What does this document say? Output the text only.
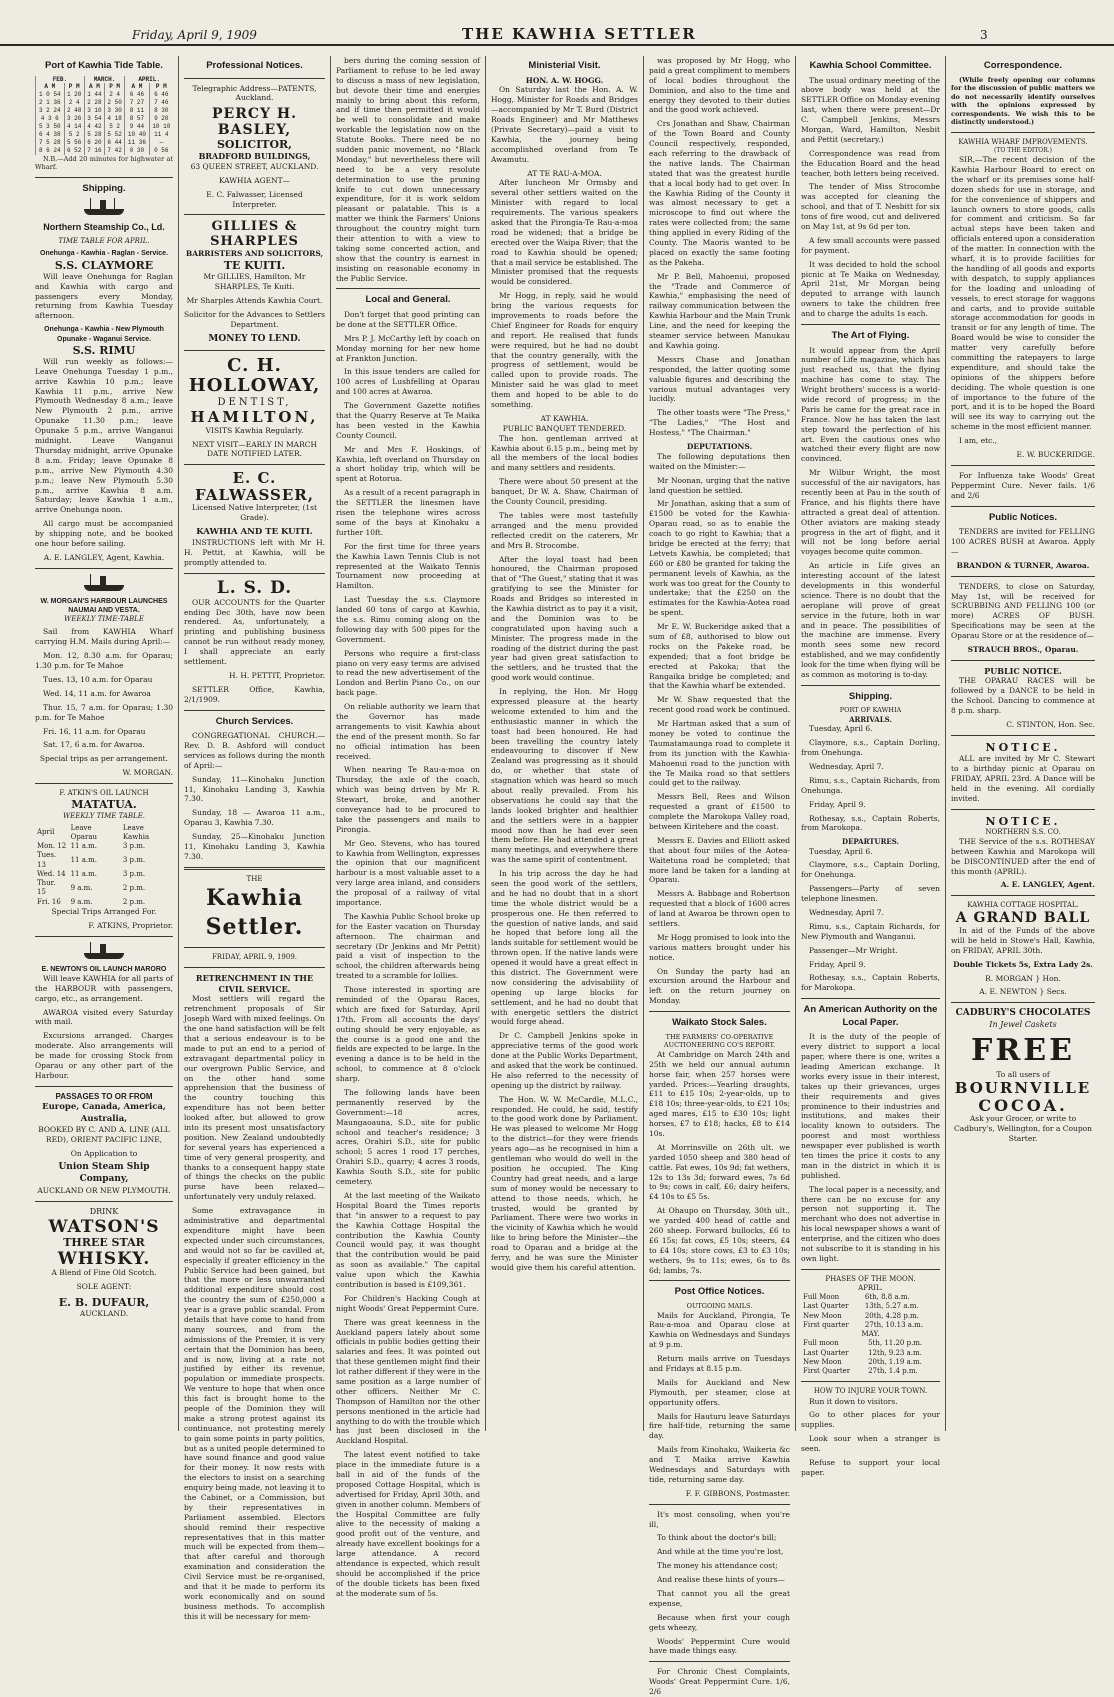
Friday, April 9, 1909	THE KAWHIA SETTLER	3
Port of Kawhia Tide Table.
FEB.		MARCH.		APRIL.	
A M	P M	A M	P M	A M	P M
1 0 54	1 20	1 44	2 4	6 46	6 46
2 1 36	2 4	2 28	2 50	7 27	7 46
3 2 24	2 48	3 10	3 30	8 11	8 30
4 3 6	3 26	3 54	4 18	8 57	9 20
5 3 50	4 14	4 42	5 2	9 44	10 10
6 4 38	5 2	5 28	5 52	10 40	11 4
7 5 28	5 56	6 20	6 44	11 36	—
8 6 24	6 52	7 16	7 42	0 30	0 56

N.B.—Add 20 minutes for highwater at Wharf.

Shipping.
Northern Steamship Co., Ld.
TIME TABLE FOR APRIL.
Onehunga - Kawhia - Raglan - Service.
S.S. CLAYMORE

Will leave Onehunga for Raglan and Kawhia with cargo and passengers every Monday, returning from Kawhia Tuesday afternoon.

Onehunga - Kawhia - New Plymouth Opunake - Waganui Service.
S.S. RIMU

Will run weekly as follows:—Leave Onehunga Tuesday 1 p.m., arrive Kawhia 10 p.m.; leave Kawhia 11 p.m., arrive New Plymouth Wednesday 8 a.m.; leave New Plymouth 2 p.m., arrive Opunake 11.30 p.m.; leave Opunake 5 p.m., arrive Wanganui midnight. Leave Wanganui Thursday midnight, arrive Opunake 8 a.m. Friday; leave Opunake 8 p.m., arrive New Plymouth 4.30 p.m.; leave New Plymouth 5.30 p.m., arrive Kawhia 8 a.m. Saturday; leave Kawhia 1 a.m., arrive Onehunga noon.

All cargo must be accompanied by shipping note, and be booked one hour before sailing.

A. E. LANGLEY, Agent, Kawhia.

W. MORGAN'S HARBOUR LAUNCHES NAUMAI AND VESTA.
WEEKLY TIME-TABLE

Sail from KAWHIA Wharf carrying H.M. Mails during April:—

Mon. 12, 8.30 a.m. for Oparau; 1.30 p.m. for Te Mahoe

Tues. 13, 10 a.m. for Oparau

Wed. 14, 11 a.m. for Awaroa

Thur. 15, 7 a.m. for Oparau; 1.30 p.m. for Te Mahoe

Fri. 16, 11 a.m. for Oparau

Sat. 17, 6 a.m. for Awaroa.

Special trips as per arrangement.

W. MORGAN.

F. ATKIN'S OIL LAUNCH
MATATUA.
WEEKLY TIME TABLE.
April	Leave Oparau	Leave Kawhia
Mon. 12	11 a.m.	3 p.m.
Tues. 13	11 a.m.	3 p.m.
Wed. 14	11 a.m.	3 p.m.
Thur. 15	9 a.m.	2 p.m.
Fri. 16	9 a.m.	2 p.m.

Special Trips Arranged For.

F. ATKINS, Proprietor.

E. NEWTON'S OIL LAUNCH MARORO

Will leave KAWHIA for all parts of the HARBOUR with passengers, cargo, etc., as arrangement.

AWAROA visited every Saturday with mail.

Excursions arranged. Charges moderate. Also arrangements will be made for crossing Stock from Oparau or any other part of the Harbour.

PASSAGES TO OR FROM
Europe, Canada, America, Australia,

BOOKED BY C. AND A. LINE (ALL RED), ORIENT PACIFIC LINE,

On Application to

Union Steam Ship Company,

AUCKLAND OR NEW PLYMOUTH.

DRINK
WATSON'S
THREE STAR
WHISKY.

A Blend of Fine Old Scotch.

SOLE AGENT:

E. B. DUFAUR,

AUCKLAND.

Professional Notices.

Telegraphic Address—PATENTS, Auckland.

PERCY H. BASLEY,
SOLICITOR,
BRADFORD BUILDINGS,

63 QUEEN STREET, AUCKLAND.

KAWHIA AGENT—

E. C. Falwasser, Licensed Interpreter.

GILLIES & SHARPLES
BARRISTERS AND SOLICITORS,
TE KUITI.

Mr GILLIES, Hamilton. Mr SHARPLES, Te Kuiti.

Mr Sharples Attends Kawhia Court.

Solicitor for the Advances to Settlers Department.

MONEY TO LEND.
C. H. HOLLOWAY,
DENTIST,
HAMILTON,

VISITS Kawhia Regularly.

NEXT VISIT—EARLY IN MARCH DATE NOTIFIED LATER.

E. C. FALWASSER,

Licensed Native Interpreter, (1st Grade).

KAWHIA AND TE KUITI.

INSTRUCTIONS left with Mr H. H. Pettit, at Kawhia, will be promptly attended to.

L. S. D.

OUR ACCOUNTS for the Quarter ending Dec 30th, have now been rendered. As, unfortunately, a printing and publishing business cannot be run without ready money, I shall appreciate an early settlement.

H. H. PETTIT, Proprietor.

SETTLER Office, Kawhia, 2/1/1909.

Church Services.

CONGREGATIONAL CHURCH.—Rev. D. B. Ashford will conduct services as follows during the month of April:—

Sunday, 11—Kinohaku Junction 11, Kinohaku Landing 3, Kawhia 7.30.

Sunday, 18 — Awaroa 11 a.m., Oparau 3, Kawhia 7.30.

Sunday, 25—Kinohaku Junction 11, Kinohaku Landing 3, Kawhia 7.30.

THE
Kawhia Settler.
FRIDAY, APRIL 9, 1909.
RETRENCHMENT IN THE CIVIL SERVICE.

Most settlers will regard the retrenchment proposals of Sir Joseph Ward with mixed feelings. On the one hand satisfaction will be felt that a serious endeavour is to be made to put an end to a period of extravagant departmental policy in our overgrown Public Service, and on the other hand some apprehension that the business of the country touching this expenditure has not been better looked after, but allowed to grow into its present most unsatisfactory position. New Zealand undoubtedly for several years has experienced a time of very general prosperity, and thanks to a consequent happy state of things the checks on the public purse have been relaxed—unfortunately very unduly relaxed.

Some extravagance in administrative and departmental expenditure might have been expected under such circumstances, and would not so far be cavilled at, especially if greater efficiency in the Public Service had been gained, but that the more or less unwarranted additional expenditure should cost the country the sum of £250,000 a year is a grave public scandal. From details that have come to hand from many sources, and from the admissions of the Premier, it is very certain that the Dominion has been, and is now, living at a rate not justified by either its revenue, population or immediate prospects. We venture to hope that when once this fact is brought home to the people of the Dominion they will make a strong protest against its continuance, not protesting merely to gain some points in party politics, but as a united people determined to have sound finance and good value for their money. It now rests with the electors to insist on a searching enquiry being made, not leaving it to the Cabinet, or a Commission, but by their representatives in Parliament assembled. Electors should remind their respective representatives that in this matter much will be expected from them—that after careful and thorough examination and consideration the Civil Service must be re-organised, and that it be made to perform its work economically and on sound business methods. To accomplish this it will be necessary for mem-

bers during the coming session of Parliament to refuse to be led away to discuss a mass of new legislation, but devote their time and energies mainly to bring about this reform, and if time then permitted it would be well to consolidate and make workable the legislation now on the Statute Books. There need be no sudden panic movement, no "Black Monday," but nevertheless there will need to be a very resolute determination to use the pruning knife to cut down unnecessary expenditure, for it is work seldom pleasant or palatable. This is a matter we think the Farmers' Unions throughout the country might turn their attention to with a view to taking some concerted action, and show that the country is earnest in insisting on reasonable economy in the Public Service.

Local and General.

Don't forget that good printing can be done at the SETTLER Office.

Mrs P. J. McCarthy left by coach on Monday morning for her new home at Frankton Junction.

In this issue tenders are called for 100 acres of Lushfelling at Oparau and 100 acres at Awaroa.

The Government Gazette notifies that the Quarry Reserve at Te Maika has been vested in the Kawhia County Council.

Mr and Mrs F. Hoskings, of Kawhia, left overland on Thursday on a short holiday trip, which will be spent at Rotorua.

As a result of a recent paragraph in the SETTLER the linesmen have risen the telephone wires across some of the bays at Kinohaku a further 10ft.

For the first time for three years the Kawhia Lawn Tennis Club is not represented at the Waikato Tennis Tournament now proceeding at Hamilton.

Last Tuesday the s.s. Claymore landed 60 tons of cargo at Kawhia, the s.s. Rimu coming along on the following day with 500 pipes for the Government.

Persons who require a first-class piano on very easy terms are advised to read the new advertisement of the London and Berlin Piano Co., on our back page.

On reliable authority we learn that the Governor has made arrangements to visit Kawhia about the end of the present month. So far no official intimation has been received.

When nearing Te Rau-a-moa on Thursday, the axle of the coach, which was being driven by Mr R. Stewart, broke, and another conveyance had to be procured to take the passengers and mails to Pirongia.

Mr Geo. Stevens, who has toured to Kawhia from Wellington, expresses the opinion that our magnificent harbour is a most valuable asset to a very large area inland, and considers the proposal of a railway of vital importance.

The Kawhia Public School broke up for the Easter vacation on Thursday afternoon. The chairman and secretary (Dr Jenkins and Mr Pettit) paid a visit of inspection to the school, the children afterwards being treated to a scramble for lollies.

Those interested in sporting are reminded of the Oparau Races, which are fixed for Saturday, April 17th. From all accounts the days' outing should be very enjoyable, as the course is a good one and the fields are expected to be large. In the evening a dance is to be held in the school, to commence at 8 o'clock sharp.

The following lands have been permanently reserved by the Government:—18 acres, Maungaoauna, S.D., site for public school and teacher's residence; 3 acres, Orahiri S.D., site for public school; 5 acres 1 rood 17 perches, Orahiri S.D., quarry; 4 acres 3 roods, Kawhia South S.D., site for public cemetery.

At the last meeting of the Waikato Hospital Board the Times reports that "in answer to a request to pay the Kawhia Cottage Hospital the contribution the Kawhia County Council would pay, it was thought that the contribution would be paid as soon as available." The capital value upon which the Kawhia contribution is based is £109,361.

For Children's Hacking Cough at night Woods' Great Peppermint Cure.

There was great keenness in the Auckland papers lately about some officials in public bodies getting their salaries and fees. It was pointed out that these gentlemen might find their lot rather different if they were in the same position as a large number of other officers. Neither Mr C. Thompson of Hamilton nor the other persons mentioned in the article had anything to do with the trouble which has just been disclosed in the Auckland Hospital.

The latest event notified to take place in the immediate future is a ball in aid of the funds of the proposed Cottage Hospital, which is advertised for Friday, April 30th, and given in another column. Members of the Hospital Committee are fully alive to the necessity of making a good profit out of the venture, and already have excellent bookings for a large attendance. A record attendance is expected, which result should be accomplished if the price of the double tickets has been fixed at the moderate sum of 5s.

Ministerial Visit.
HON. A. W. HOGG.

On Saturday last the Hon. A. W. Hogg, Minister for Roads and Bridges—accompanied by Mr T. Burd (District Roads Engineer) and Mr Matthews (Private Secretary)—paid a visit to Kawhia, the journey being accomplished overland from Te Awamutu.

AT TE RAU-A-MOA.

After luncheon Mr Ormsby and several other settlers waited on the Minister with regard to local requirements. The various speakers asked that the Pirongia-Te Rau-a-moa road be widened; that a bridge be erected over the Waipa River; that the road to Kawhia should be opened; that a mail service be established. The Minister promised that the requests would be considered.

Mr Hogg, in reply, said he would bring the various requests for improvements to roads before the Chief Engineer for Roads for enquiry and report. He realised that funds were required, but he had no doubt that the country generally, with the progress of settlement, would be called upon to provide roads. The Minister said he was glad to meet them and hoped to be able to do something.

AT KAWHIA.
PUBLIC BANQUET TENDERED.

The hon. gentleman arrived at Kawhia about 6.15 p.m., being met by all the members of the local bodies and many settlers and residents.

There were about 50 present at the banquet, Dr W. A. Shaw, Chairman of the County Council, presiding.

The tables were most tastefully arranged and the menu provided reflected credit on the caterers, Mr and Mrs B. Strocombe.

After the loyal toast had been honoured, the Chairman proposed that of "The Guest," stating that it was gratifying to see the Minister for Roads and Bridges so interested in the Kawhia district as to pay it a visit, and the Dominion was to be congratulated upon having such a Minister. The progress made in the roading of the district during the past year had given great satisfaction to the settlers, and he trusted that the good work would continue.

In replying, the Hon. Mr Hogg expressed pleasure at the hearty welcome extended to him and the enthusiastic manner in which the toast had been honoured. He had been travelling the country lately endeavouring to discover if New Zealand was progressing as it should do, or whether that state of stagnation which was heard so much about really prevailed. From his observations he could say that the lands looked brighter and healthier and the settlers were in a happier mood now than he had ever seen them before. He had attended a great many meetings, and everywhere there was the same spirit of contentment.

In his trip across the day he had seen the good work of the settlers, and he had no doubt that in a short time the whole district would be a prosperous one. He then referred to the question of native lands, and said he hoped that before long all the lands suitable for settlement would be thrown open. If the native lands were opened it would have a great effect in this district. The Government were now considering the advisability of opening up large blocks for settlement, and he had no doubt that with energetic settlers the district would forge ahead.

Dr C. Campbell Jenkins spoke in appreciative terms of the good work done at the Public Works Department, and asked that the work be continued. He also referred to the necessity of opening up the district by railway.

The Hon. W. W. McCardle, M.L.C., responded. He could, he said, testify to the good work done by Parliament. He was pleased to welcome Mr Hogg to the district—for they were friends years ago—as he recognised in him a gentleman who would do well in the position he occupied. The King Country had great needs, and a large sum of money would be necessary to attend to those needs, which, he trusted, would be granted by Parliament. There were two works in the vicinity of Kawhia which he would like to bring before the Minister—the road to Oparau and a bridge at the ferry, and he was sure the Minister would give them his careful attention.

was proposed by Mr Hogg, who paid a great compliment to members of local bodies throughout the Dominion, and also to the time and energy they devoted to their duties and the good work achieved.

Crs Jonathan and Shaw, Chairman of the Town Board and County Council respectively, responded, each referring to the drawback of the native lands. The Chairman stated that was the greatest hurdle that a local body had to get over. In the Kawhia Riding of the County it was almost necessary to get a microscope to find out where the rates were collected from; the same thing applied in every Riding of the County. The Maoris wanted to be placed on exactly the same footing as the Pakeha.

Mr P. Bell, Mahoenui, proposed the "Trade and Commerce of Kawhia," emphasising the need of railway communication between the Kawhia Harbour and the Main Trunk Line, and the need for keeping the steamer service between Manukau and Kawhia going.

Messrs Chase and Jonathan responded, the latter quoting some valuable figures and describing the various mutual advantages very lucidly.

The other toasts were "The Press," "The Ladies," "The Host and Hostess," "The Chairman."

DEPUTATIONS.

The following deputations then waited on the Minister:—

Mr Noonan, urging that the native land question be settled.

Mr Jonathan, asking that a sum of £1500 be voted for the Kawhia-Oparau road, so as to enable the coach to go right to Kawhia; that a bridge be erected at the ferry; that Letvets Kawhia, be completed; that £60 or £80 be granted for taking the permanent levels of Kawhia, as the work was too great for the County to undertake; that the £250 on the estimates for the Kawhia-Aotea road be spent.

Mr E. W. Buckeridge asked that a sum of £8, authorised to blow out rocks on the Pakeke road, be expended; that a foot bridge be erected at Pakoka; that the Rangaika bridge be completed; and that the Kawhia wharf be extended.

Mr W. Shaw requested that the recent good road work be continued.

Mr Hartman asked that a sum of money be voted to continue the Taumatamaunga road to complete it from its junction with the Kawhia-Mahoenui road to the junction with the Te Maika road so that settlers could get to the railway.

Messrs Bell, Rees and Wilson requested a grant of £1500 to complete the Marokopa Valley road, between Kiritehere and the coast.

Messrs E. Davies and Elliott asked that about four miles of the Aotea-Waitetuna road be completed; that more land be taken for a landing at Oparau.

Messrs A. Babbage and Robertson requested that a block of 1600 acres of land at Awaroa be thrown open to settlers.

Mr Hogg promised to look into the various matters brought under his notice.

On Sunday the party had an excursion around the Harbour and left on the return journey on Monday.

Waikato Stock Sales.
THE FARMERS' CO-OPERATIVE AUCTIONEERING CO'S REPORT.

At Cambridge on March 24th and 25th we held our annual autumn horse fair, when 257 horses were yarded. Prices:—Yearling draughts, £11 to £15 10s; 2-year-olds, up to £18 10s; three-year-olds, to £21 10s; aged mares, £15 to £30 10s; light horses, £7 to £18; hacks, £8 to £14 10s.

At Morrinsville on 26th ult. we yarded 1050 sheep and 380 head of cattle. Fat ewes, 10s 9d; fat wethers, 12s to 13s 3d; forward ewes, 7s 6d to 9s; cows in calf, £6; dairy heifers, £4 10s to £5 5s.

At Ohaupo on Thursday, 30th ult., we yarded 400 head of cattle and 260 sheep. Forward bullocks, £6 to £6 15s; fat cows, £5 10s; steers, £4 to £4 10s; store cows, £3 to £3 10s; wethers, 9s to 11s; ewes, 6s to 8s 6d; lambs, 7s.

Post Office Notices.
OUTGOING MAILS.

Mails for Auckland, Pirongia, Te Rau-a-moa and Oparau close at Kawhia on Wednesdays and Sundays at 9 p.m.

Return mails arrive on Tuesdays and Fridays at 8.15 p.m.

Mails for Auckland and New Plymouth, per steamer, close at opportunity offers.

Mails for Hauturu leave Saturdays fire half-tide, returning the same day.

Mails from Kinohaku, Waikeria &c and T. Maika arrive Kawhia Wednesdays and Saturdays with tide, returning same day.

F. F. GIBBONS, Postmaster.

It's most consoling, when you're ill,

To think about the doctor's bill;

And while at the time you're lost,

The money his attendance cost;

And realise these hints of yours—

That cannot you all the great expense,

Because when first your cough gets wheezy,

Woods' Peppermint Cure would have made things easy.

For Chronic Chest Complaints, Woods' Great Peppermint Cure. 1/6, 2/6

Kawhia School Committee.

The usual ordinary meeting of the above body was held at the SETTLER Office on Monday evening last, when there were present—Dr C. Campbell Jenkins, Messrs Morgan, Ward, Hamilton, Nesbit and Pettit (secretary.)

Correspondence was read from the Education Board and the head teacher, both letters being received.

The tender of Miss Strocombe was accepted for cleaning the school, and that of T. Nesbitt for six tons of fire wood, cut and delivered on May 1st, at 9s 6d per ton.

A few small accounts were passed for payment.

It was decided to hold the school picnic at Te Maika on Wednesday, April 21st, Mr Morgan being deputed to arrange with launch owners to take the children free and to charge the adults 1s each.

The Art of Flying.

It would appear from the April number of Life magazine, which has just reached us, that the flying machine has come to stay. The Wright brothers' success is a world-wide record of progress; in the Paris he came for the great race in France. Now he has taken the last step toward the perfection of his art. Even the cautious ones who watched their every flight are now convinced.

Mr Wilbur Wright, the most successful of the air navigators, has recently been at Pau in the south of France, and his flights there have attracted a great deal of attention. Other aviators are making steady progress in the art of flight, and it will not be long before aerial voyages become quite common.

An article in Life gives an interesting account of the latest developments in this wonderful science. There is no doubt that the aeroplane will prove of great service in the future, both in war and in peace. The possibilities of the machine are immense. Every month sees some new record established, and we may confidently look for the time when flying will be as common as motoring is to-day.

Shipping.
PORT OF KAWHIA
ARRIVALS.

Tuesday, April 6.

Claymore, s.s., Captain Dorling, from Onehunga.

Wednesday, April 7.

Rimu, s.s., Captain Richards, from Onehunga.

Friday, April 9.

Rothesay, s.s., Captain Roberts, from Marokopa.

DEPARTURES.

Tuesday, April 6.

Claymore, s.s., Captain Dorling, for Onehunga.

Passengers—Party of seven telephone linesmen.

Wednesday, April 7.

Rimu, s.s., Captain Richards, for New Plymouth and Wanganui.

Passenger—Mr Wright.

Friday, April 9.

Rothesay, s.s., Captain Roberts, for Marokopa.

An American Authority on the Local Paper.

It is the duty of the people of every district to support a local paper, where there is one, writes a leading American exchange. It works every issue in their interest, takes up their grievances, urges their requirements and gives prominence to their industries and institutions, and makes their locality known to outsiders. The poorest and most worthless newspaper ever published is worth ten times the price it costs to any man in the district in which it is published.

The local paper is a necessity, and there can be no excuse for any person not supporting it. The merchant who does not advertise in his local newspaper shows a want of enterprise, and the citizen who does not subscribe to it is standing in his own light.

PHASES OF THE MOON.
APRIL.
Full Moon	6th, 8.8 a.m.
Last Quarter	13th, 5.27 a.m.
New Moon	20th, 4.28 p.m.
First quarter	27th, 10.13 a.m.
MAY.
Full moon	5th, 11.20 p.m.
Last Quarter	12th, 9.23 a.m.
New Moon	20th, 1.19 a.m.
First Quarter	27th, 1.4 p.m.
HOW TO INJURE YOUR TOWN.

Run it down to visitors.

Go to other places for your supplies.

Look sour when a stranger is seen.

Refuse to support your local paper.

Correspondence.

(While freely opening our columns for the discussion of public matters we do not necessarily identify ourselves with the opinions expressed by correspondents. We wish this to be distinctly understood.)

KAWHIA WHARF IMPROVEMENTS.
(TO THE EDITOR.)

SIR,—The recent decision of the Kawhia Harbour Board to erect on the wharf or its premises some half-dozen sheds for use in storage, and for the convenience of shippers and launch owners to store goods, calls for comment and criticism. So far actual steps have been taken and officials entered upon a consideration of the matter. In connection with the wharf, it is to provide facilities for the handling of all goods and exports with despatch, to supply appliances for the loading and unloading of vessels, to erect storage for waggons and carts, and to provide suitable storage accommodation for goods in transit or for any length of time. The Board would be wise to consider the matter very carefully before committing the ratepayers to large expenditure, and should take the opinions of the shippers before deciding. The whole question is one of importance to the future of the port, and it is to be hoped the Board will see its way to carrying out the scheme in the most efficient manner.

I am, etc.,

E. W. BUCKERIDGE.

For Influenza take Woods' Great Peppermint Cure. Never fails. 1/6 and 2/6

Public Notices.

TENDERS are invited for FELLING 100 ACRES BUSH at Awaroa. Apply—

BRANDON & TURNER, Awaroa.

TENDERS, to close on Saturday, May 1st, will be received for SCRUBBING AND FELLING 100 (or more) ACRES OF BUSH. Specifications may be seen at the Oparau Store or at the residence of—

STRAUCH BROS., Oparau.

PUBLIC NOTICE.

THE OPARAU RACES will be followed by a DANCE to be held in the School. Dancing to commence at 8 p.m. sharp.

C. STINTON, Hon. Sec.

NOTICE.

ALL are invited by Mr C. Stewart to a birthday picnic at Oparau on FRIDAY, APRIL 23rd. A Dance will be held in the evening. All cordially invited.

NOTICE.
NORTHERN S.S. CO.

THE Service of the s.s. ROTHESAY between Kawhia and Marokopa will be DISCONTINUED after the end of this month (APRIL).

A. E. LANGLEY, Agent.

KAWHIA COTTAGE HOSPITAL.
A GRAND BALL

In aid of the Funds of the above will be held in Stowe's Hall, Kawhia, on FRIDAY, APRIL 30th.

Double Tickets 5s, Extra Lady 2s.

R. MORGAN } Hon.

A. E. NEWTON } Secs.

CADBURY'S CHOCOLATES
In Jewel Caskets
FREE
To all users of
BOURNVILLE
COCOA.

Ask your Grocer, or write to Cadbury's, Wellington, for a Coupon Starter.
